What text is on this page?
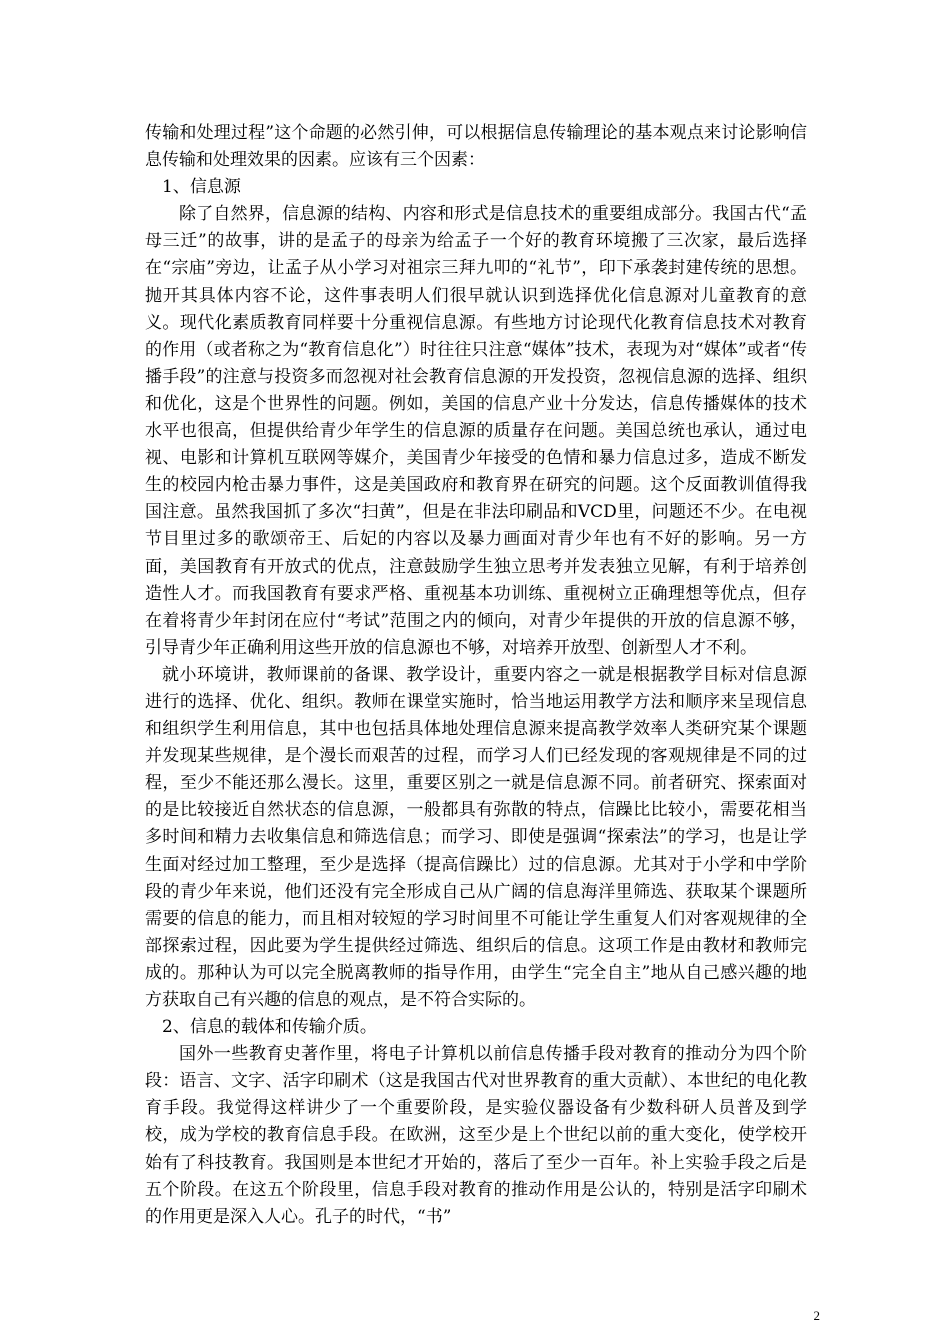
传输和处理过程”这个命题的必然引伸，可以根据信息传输理论的基本观点来讨论影响信息传输和处理效果的因素。应该有三个因素：

1、信息源

除了自然界，信息源的结构、内容和形式是信息技术的重要组成部分。我国古代“孟母三迁”的故事，讲的是孟子的母亲为给孟子一个好的教育环境搬了三次家，最后选择在“宗庙”旁边，让孟子从小学习对祖宗三拜九叩的“礼节”，印下承袭封建传统的思想。抛开其具体内容不论，这件事表明人们很早就认识到选择优化信息源对儿童教育的意义。现代化素质教育同样要十分重视信息源。有些地方讨论现代化教育信息技术对教育的作用（或者称之为“教育信息化”）时往往只注意“媒体”技术，表现为对“媒体”或者“传播手段”的注意与投资多而忽视对社会教育信息源的开发投资，忽视信息源的选择、组织和优化，这是个世界性的问题。例如，美国的信息产业十分发达，信息传播媒体的技术水平也很高，但提供给青少年学生的信息源的质量存在问题。美国总统也承认，通过电视、电影和计算机互联网等媒介，美国青少年接受的色情和暴力信息过多，造成不断发生的校园内枪击暴力事件，这是美国政府和教育界在研究的问题。这个反面教训值得我国注意。虽然我国抓了多次“扫黄”，但是在非法印刷品和VCD里，问题还不少。在电视节目里过多的歌颂帝王、后妃的内容以及暴力画面对青少年也有不好的影响。另一方面，美国教育有开放式的优点，注意鼓励学生独立思考并发表独立见解，有利于培养创造性人才。而我国教育有要求严格、重视基本功训练、重视树立正确理想等优点，但存在着将青少年封闭在应付“考试”范围之内的倾向，对青少年提供的开放的信息源不够，引导青少年正确利用这些开放的信息源也不够，对培养开放型、创新型人才不利。

就小环境讲，教师课前的备课、教学设计，重要内容之一就是根据教学目标对信息源进行的选择、优化、组织。教师在课堂实施时，恰当地运用教学方法和顺序来呈现信息和组织学生利用信息，其中也包括具体地处理信息源来提高教学效率人类研究某个课题并发现某些规律，是个漫长而艰苦的过程，而学习人们已经发现的客观规律是不同的过程，至少不能还那么漫长。这里，重要区别之一就是信息源不同。前者研究、探索面对的是比较接近自然状态的信息源，一般都具有弥散的特点，信躁比比较小，需要花相当多时间和精力去收集信息和筛选信息；而学习、即使是强调“探索法”的学习，也是让学生面对经过加工整理，至少是选择（提高信躁比）过的信息源。尤其对于小学和中学阶段的青少年来说，他们还没有完全形成自己从广阔的信息海洋里筛选、获取某个课题所需要的信息的能力，而且相对较短的学习时间里不可能让学生重复人们对客观规律的全部探索过程，因此要为学生提供经过筛选、组织后的信息。这项工作是由教材和教师完成的。那种认为可以完全脱离教师的指导作用，由学生“完全自主”地从自己感兴趣的地方获取自己有兴趣的信息的观点，是不符合实际的。

2、信息的载体和传输介质。

国外一些教育史著作里，将电子计算机以前信息传播手段对教育的推动分为四个阶段：语言、文字、活字印刷术（这是我国古代对世界教育的重大贡献）、本世纪的电化教育手段。我觉得这样讲少了一个重要阶段，是实验仪器设备有少数科研人员普及到学校，成为学校的教育信息手段。在欧洲，这至少是上个世纪以前的重大变化，使学校开始有了科技教育。我国则是本世纪才开始的，落后了至少一百年。补上实验手段之后是五个阶段。在这五个阶段里，信息手段对教育的推动作用是公认的，特别是活字印刷术的作用更是深入人心。孔子的时代，“书”

2
